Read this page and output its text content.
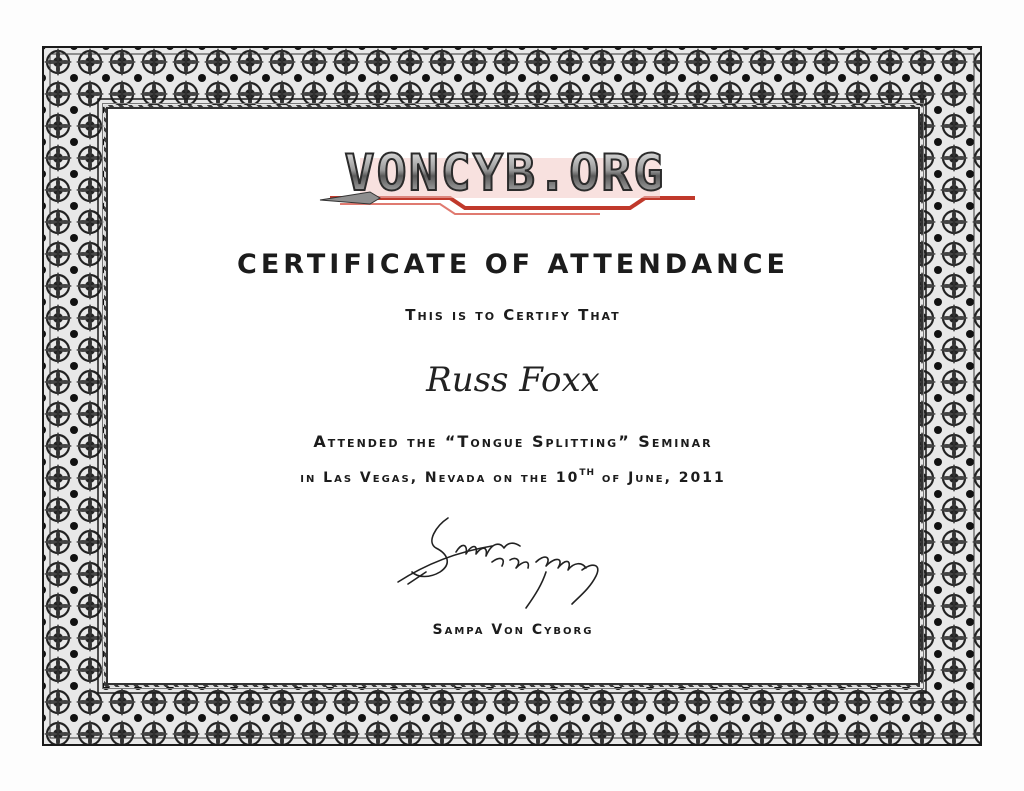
VONCYB.ORG
CERTIFICATE OF ATTENDANCE
This is to Certify That
Russ Foxx
Attended the “Tongue Splitting” Seminar
in Las Vegas, Nevada on the 10TH of June, 2011
Sampa Von Cyborg
